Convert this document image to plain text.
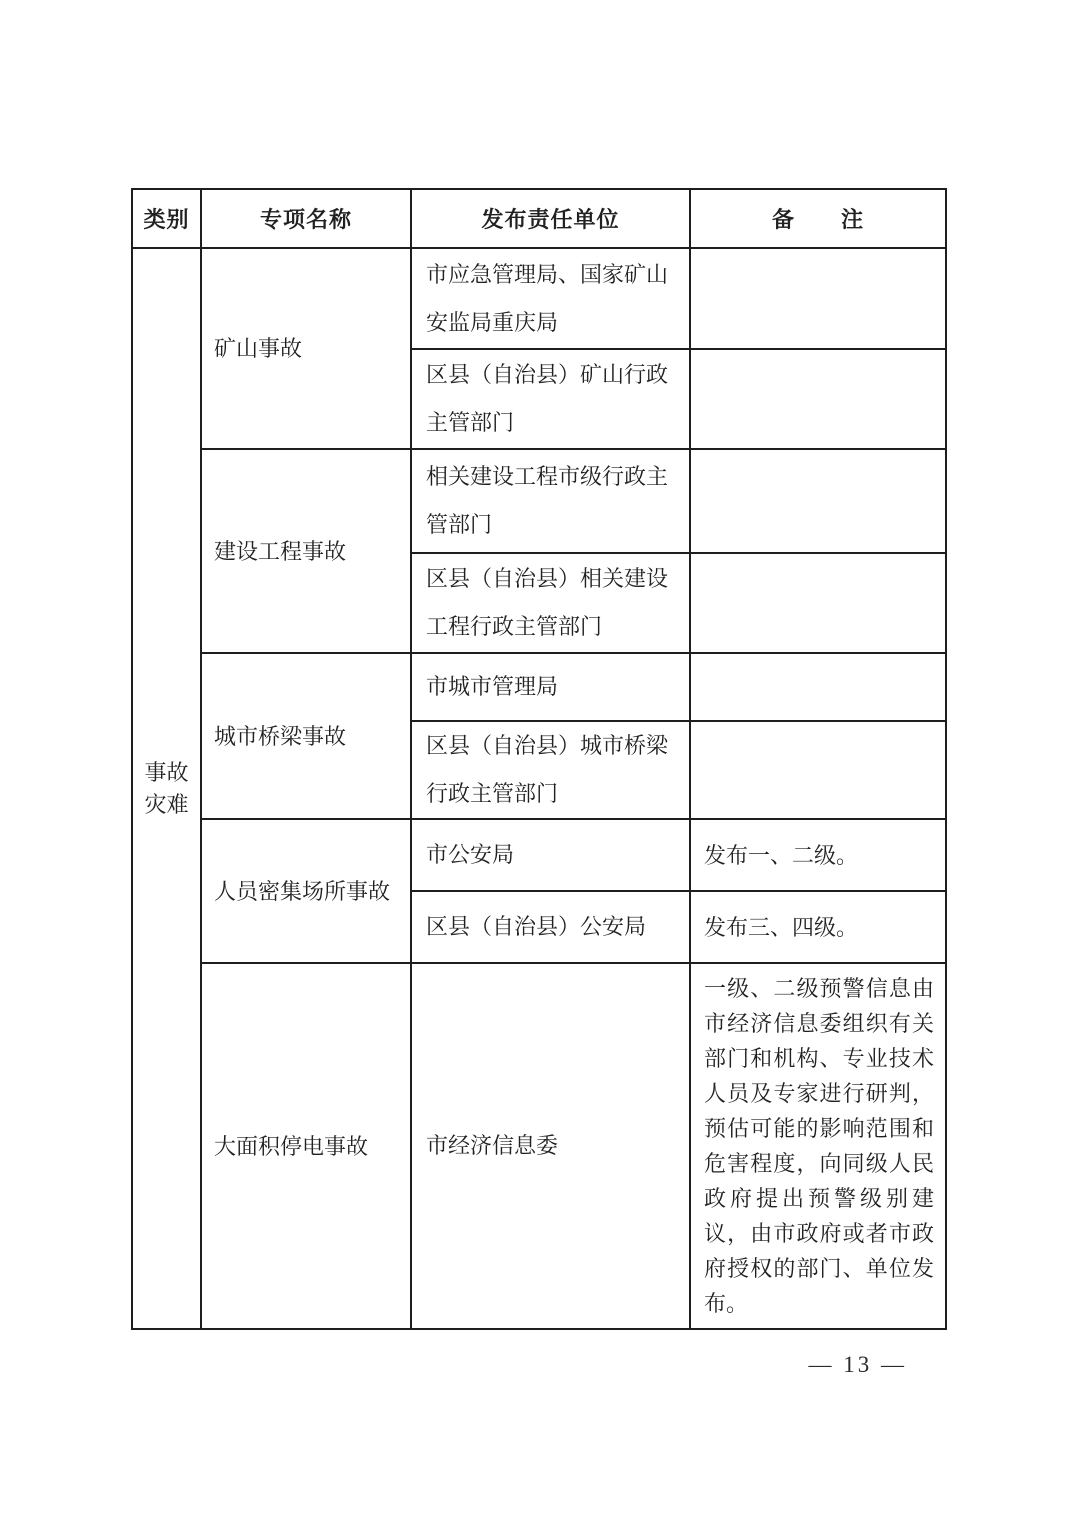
类别	专项名称	发布责任单位	备　　注
事故灾难	矿山事故	市应急管理局、国家矿山安监局重庆局	
		区县（自治县）矿山行政主管部门	
	建设工程事故	相关建设工程市级行政主管部门	
		区县（自治县）相关建设工程行政主管部门	
	城市桥梁事故	市城市管理局	
		区县（自治县）城市桥梁行政主管部门	
	人员密集场所事故	市公安局	发布一、二级。
		区县（自治县）公安局	发布三、四级。
	大面积停电事故	市经济信息委	一级、二级预警信息由市经济信息委组织有关部门和机构、专业技术人员及专家进行研判，预估可能的影响范围和危害程度，向同级人民政府提出预警级别建议，由市政府或者市政府授权的部门、单位发布。
— 13 —
